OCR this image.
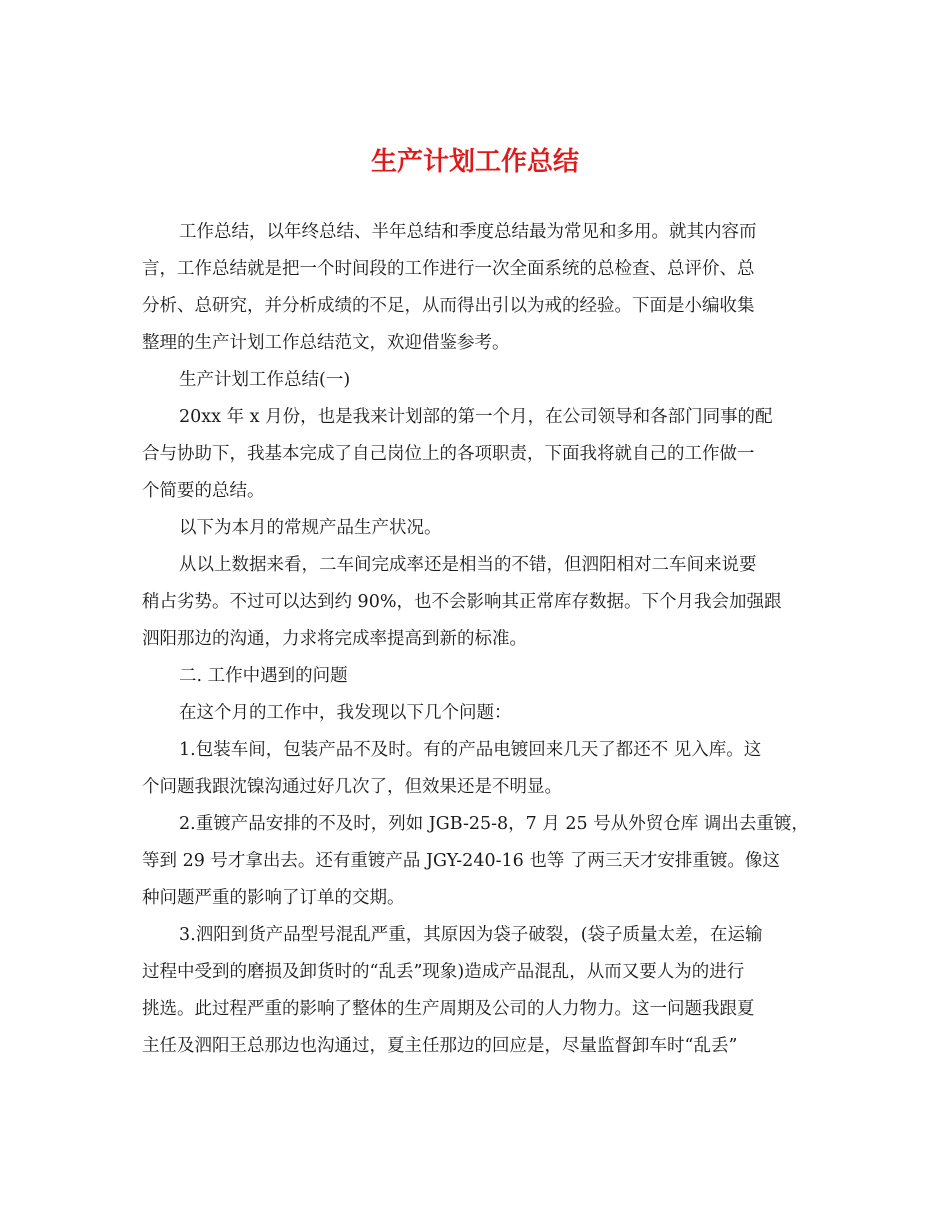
生产计划工作总结

工作总结，以年终总结、半年总结和季度总结最为常见和多用。就其内容而

言，工作总结就是把一个时间段的工作进行一次全面系统的总检查、总评价、总

分析、总研究，并分析成绩的不足，从而得出引以为戒的经验。下面是小编收集

整理的生产计划工作总结范文，欢迎借鉴参考。

生产计划工作总结(一)

20xx 年 x 月份，也是我来计划部的第一个月，在公司领导和各部门同事的配

合与协助下，我基本完成了自己岗位上的各项职责，下面我将就自己的工作做一

个简要的总结。

以下为本月的常规产品生产状况。

从以上数据来看，二车间完成率还是相当的不错，但泗阳相对二车间来说要

稍占劣势。不过可以达到约 90%，也不会影响其正常库存数据。下个月我会加强跟

泗阳那边的沟通，力求将完成率提高到新的标准。

二. 工作中遇到的问题

在这个月的工作中，我发现以下几个问题：

1.包装车间，包装产品不及时。有的产品电镀回来几天了都还不 见入库。这

个问题我跟沈镍沟通过好几次了，但效果还是不明显。

2.重镀产品安排的不及时，列如 JGB-25-8，7 月 25 号从外贸仓库 调出去重镀，

等到 29 号才拿出去。还有重镀产品 JGY-240-16 也等 了两三天才安排重镀。像这

种问题严重的影响了订单的交期。

3.泗阳到货产品型号混乱严重，其原因为袋子破裂，(袋子质量太差，在运输

过程中受到的磨损及卸货时的“乱丢”现象)造成产品混乱，从而又要人为的进行

挑选。此过程严重的影响了整体的生产周期及公司的人力物力。这一问题我跟夏

主任及泗阳王总那边也沟通过，夏主任那边的回应是，尽量监督卸车时“乱丢”
